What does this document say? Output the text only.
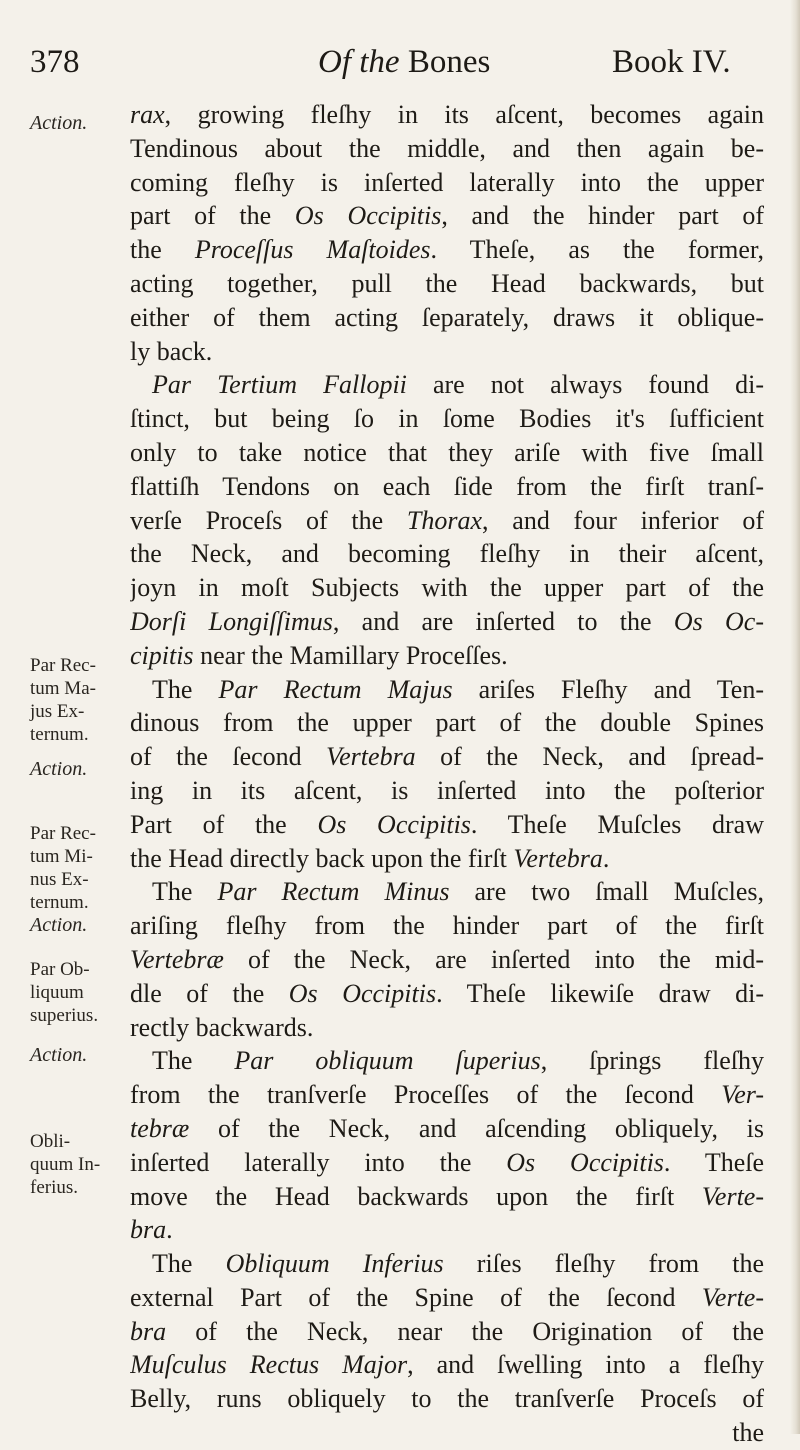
378	Of the Bones	Book IV.
Action.
Par Rec-
tum Ma-
jus Ex-
ternum.
Action.
Par Rec-
tum Mi-
nus Ex-
ternum.
Action.
Par Ob-
liquum
superius.
Action.
Obli-
quum In-
ferius.
rax, growing fleſhy in its aſcent, becomes again
Tendinous about the middle, and then again be-
coming fleſhy is inſerted laterally into the upper
part of the Os Occipitis, and the hinder part of
the Proceſſus Maſtoides. Theſe, as the former,
acting together, pull the Head backwards, but
either of them acting ſeparately, draws it oblique-
ly back.
Par Tertium Fallopii are not always found di-
ſtinct, but being ſo in ſome Bodies it's ſufficient
only to take notice that they ariſe with five ſmall
flattiſh Tendons on each ſide from the firſt tranſ-
verſe Proceſs of the Thorax, and four inferior of
the Neck, and becoming fleſhy in their aſcent,
joyn in moſt Subjects with the upper part of the
Dorſi Longiſſimus, and are inſerted to the Os Oc-
cipitis near the Mamillary Proceſſes.
The Par Rectum Majus ariſes Fleſhy and Ten-
dinous from the upper part of the double Spines
of the ſecond Vertebra of the Neck, and ſpread-
ing in its aſcent, is inſerted into the poſterior
Part of the Os Occipitis. Theſe Muſcles draw
the Head directly back upon the firſt Vertebra.
The Par Rectum Minus are two ſmall Muſcles,
ariſing fleſhy from the hinder part of the firſt
Vertebræ of the Neck, are inſerted into the mid-
dle of the Os Occipitis. Theſe likewiſe draw di-
rectly backwards.
The Par obliquum ſuperius, ſprings fleſhy
from the tranſverſe Proceſſes of the ſecond Ver-
tebræ of the Neck, and aſcending obliquely, is
inſerted laterally into the Os Occipitis. Theſe
move the Head backwards upon the firſt Verte-
bra.
The Obliquum Inferius riſes fleſhy from the
external Part of the Spine of the ſecond Verte-
bra of the Neck, near the Origination of the
Muſculus Rectus Major, and ſwelling into a fleſhy
Belly, runs obliquely to the tranſverſe Proceſs of
the
